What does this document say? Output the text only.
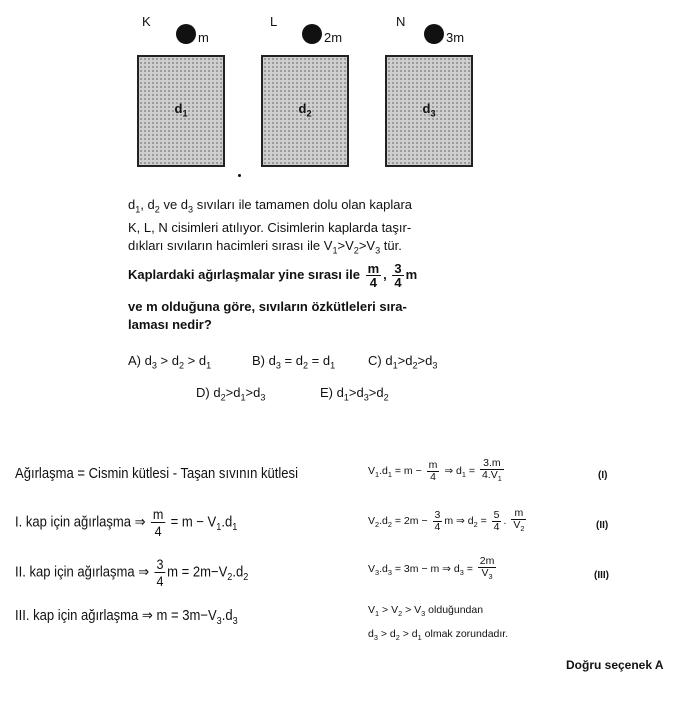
K
m
$d_1$
L
2m
$d_2$
N
3m
$d_3$
$d_1$, $d_2$ ve $d_3$ sıvıları ile tamamen dolu olan kaplara
K, L, N cisimleri atılıyor. Cisimlerin kaplarda taşır-
dıkları sıvıların hacimleri sırası ile $V_1>V_2>V_3$ tür.
Kaplardaki ağırlaşmalar yine sırası ile $\frac{m}{4}$ , $\frac{3}{4}$ m
ve m olduğuna göre, sıvıların özkütleleri sıra-
laması nedir?
A) $d_3 > d_2 > d_1$	B) $d_3 = d_2 = d_1$	C) $d_1>d_2>d_3$
D) $d_2>d_1>d_3$	E) $d_1>d_3>d_2$
Ağırlaşma = Cismin kütlesi - Taşan sıvının kütlesi
I. kap için ağırlaşma ⇒ $\frac{m}{4} = m - V_1.d_1$
II. kap için ağırlaşma ⇒ $\frac{3}{4}$ $m = 2m-V_2.d_2$
III. kap için ağırlaşma ⇒ $m = 3m-V_3.d_3$
$V_1.d_1 = m - \frac{m}{4}$ ⇒ $d_1 = \frac{3.m}{4.V_1}$	(I)
$V_2.d_2 = 2m - \frac{3}{4}$ m ⇒ $d_2 = \frac{5}{4}$ . $\frac{m}{V_2}$	(II)
$V_3.d_3 = 3m - m$ ⇒ $d_3 = \frac{2m}{V_3}$	(III)
$V_1 > V_2 > V_3$ olduğundan
$d_3 > d_2 > d_1$ olmak zorundadır.
Doğru seçenek A
